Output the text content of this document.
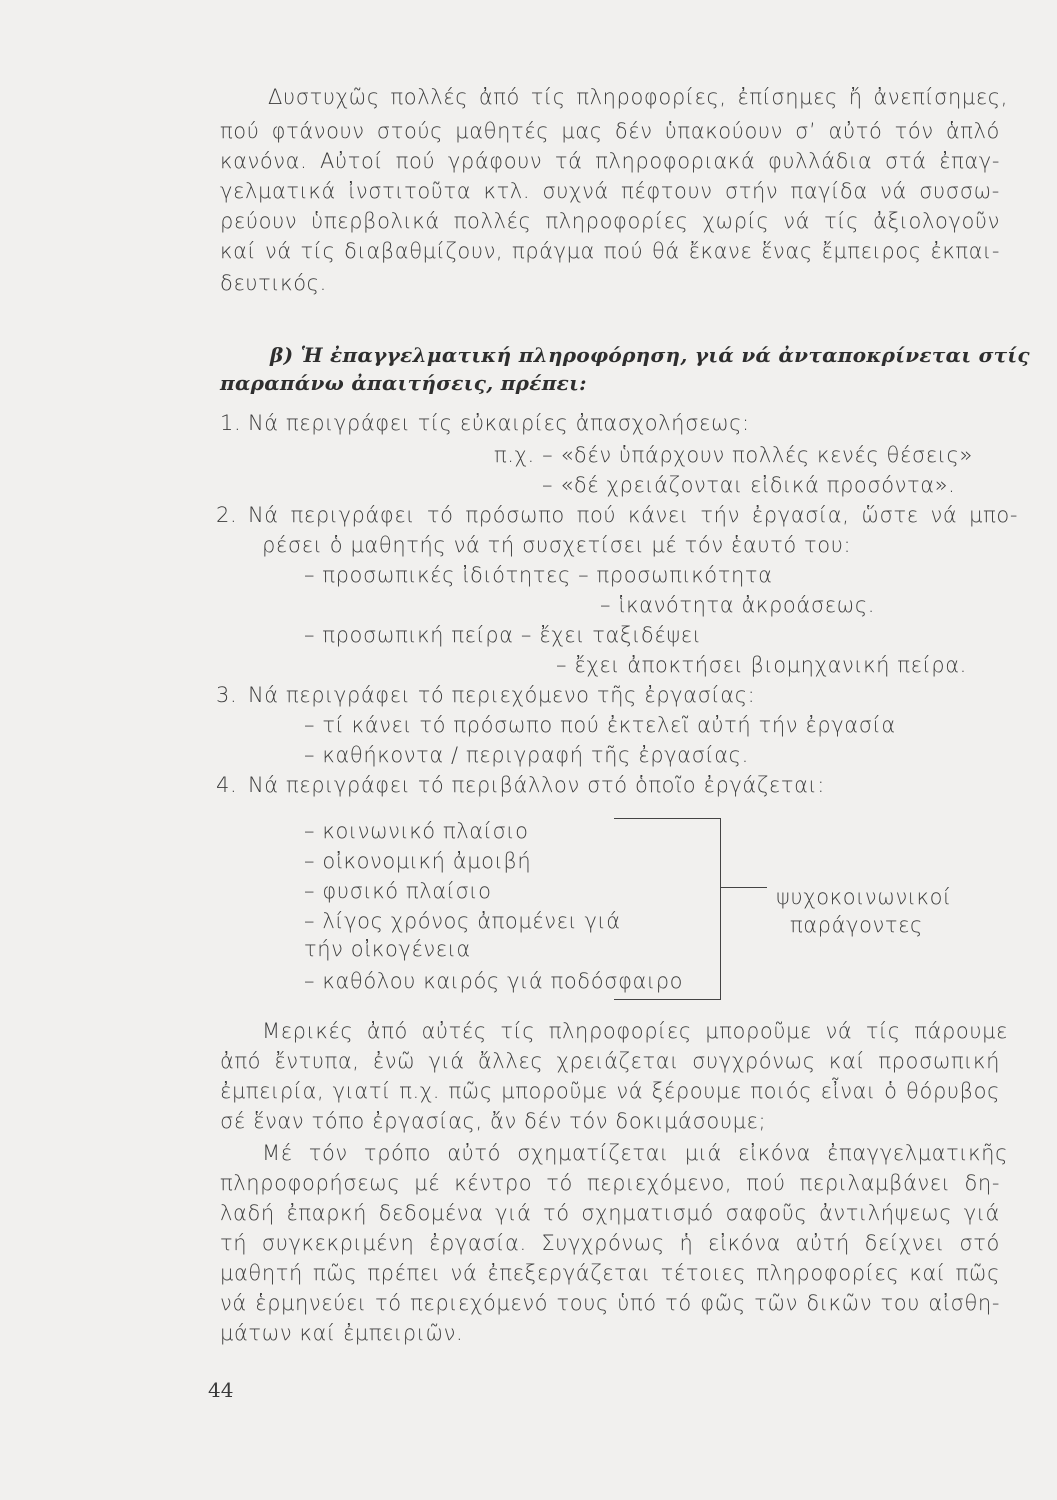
Δυστυχῶς πολλές ἀπό τίς πληροφορίες, ἐπίσημες ἤ ἀνεπίσημες,
πού φτάνουν στούς μαθητές μας δέν ὑπακούουν σ’ αὐτό τόν ἁπλό
κανόνα. Αὐτοί πού γράφουν τά πληροφοριακά φυλλάδια στά ἐπαγ-
γελματικά ἰνστιτοῦτα κτλ. συχνά πέφτουν στήν παγίδα νά συσσω-
ρεύουν ὑπερβολικά πολλές πληροφορίες χωρίς νά τίς ἀξιολογοῦν
καί νά τίς διαβαθμίζουν, πράγμα πού θά ἔκανε ἕνας ἔμπειρος ἐκπαι-
δευτικός.
β) Ἡ ἐπαγγελματική πληροφόρηση, γιά νά ἀνταποκρίνεται στίς
παραπάνω ἀπαιτήσεις, πρέπει:
1. Νά περιγράφει τίς εὐκαιρίες ἀπασχολήσεως:
π.χ. – «δέν ὑπάρχουν πολλές κενές θέσεις»
– «δέ χρειάζονται εἰδικά προσόντα».
2. Νά περιγράφει τό πρόσωπο πού κάνει τήν ἐργασία, ὥστε νά μπο-
ρέσει ὁ μαθητής νά τή συσχετίσει μέ τόν ἑαυτό του:
– προσωπικές ἰδιότητες – προσωπικότητα
– ἱκανότητα ἀκροάσεως.
– προσωπική πείρα – ἔχει ταξιδέψει
– ἔχει ἀποκτήσει βιομηχανική πείρα.
3. Νά περιγράφει τό περιεχόμενο τῆς ἐργασίας:
– τί κάνει τό πρόσωπο πού ἐκτελεῖ αὐτή τήν ἐργασία
– καθήκοντα / περιγραφή τῆς ἐργασίας.
4. Νά περιγράφει τό περιβάλλον στό ὁποῖο ἐργάζεται:
– κοινωνικό πλαίσιο
– οἰκονομική ἀμοιβή
– φυσικό πλαίσιο
– λίγος χρόνος ἀπομένει γιά
τήν οἰκογένεια
– καθόλου καιρός γιά ποδόσφαιρο
ψυχοκοινωνικοί
παράγοντες
Μερικές ἀπό αὐτές τίς πληροφορίες μποροῦμε νά τίς πάρουμε
ἀπό ἔντυπα, ἐνῶ γιά ἄλλες χρειάζεται συγχρόνως καί προσωπική
ἐμπειρία, γιατί π.χ. πῶς μποροῦμε νά ξέρουμε ποιός εἶναι ὁ θόρυβος
σέ ἕναν τόπο ἐργασίας, ἄν δέν τόν δοκιμάσουμε;
Μέ τόν τρόπο αὐτό σχηματίζεται μιά εἰκόνα ἐπαγγελματικῆς
πληροφορήσεως μέ κέντρο τό περιεχόμενο, πού περιλαμβάνει δη-
λαδή ἐπαρκή δεδομένα γιά τό σχηματισμό σαφοῦς ἀντιλήψεως γιά
τή συγκεκριμένη ἐργασία. Συγχρόνως ἡ εἰκόνα αὐτή δείχνει στό
μαθητή πῶς πρέπει νά ἐπεξεργάζεται τέτοιες πληροφορίες καί πῶς
νά ἑρμηνεύει τό περιεχόμενό τους ὑπό τό φῶς τῶν δικῶν του αἰσθη-
μάτων καί ἐμπειριῶν.
44
